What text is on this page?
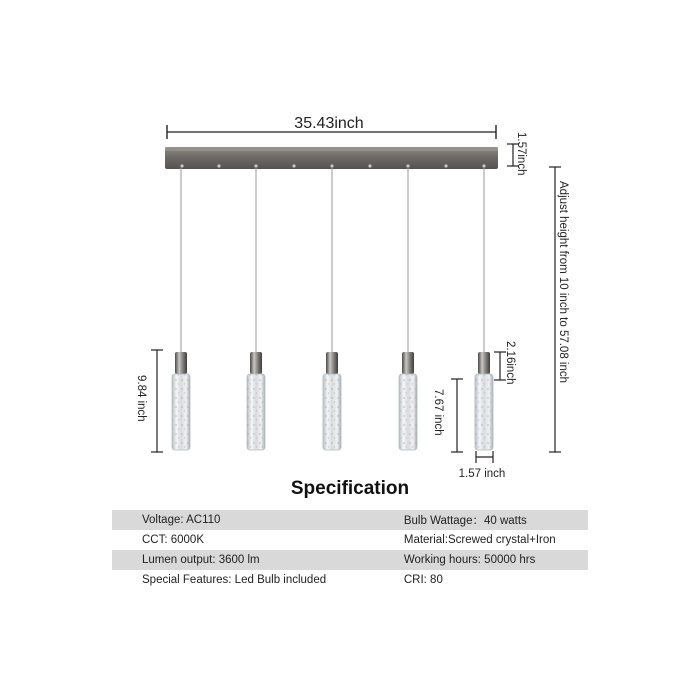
35.43inch
1.57inch
Adjust height from 10 inch to 57.08 inch
9.84 inch
2.16inch
7.67 inch
1.57 inch
Specification
Voltage: AC110	Bulb Wattage：40 watts
CCT: 6000K	Material:Screwed crystal+Iron
Lumen output: 3600 lm	Working hours: 50000 hrs
Special Features: Led Bulb included	CRI: 80
